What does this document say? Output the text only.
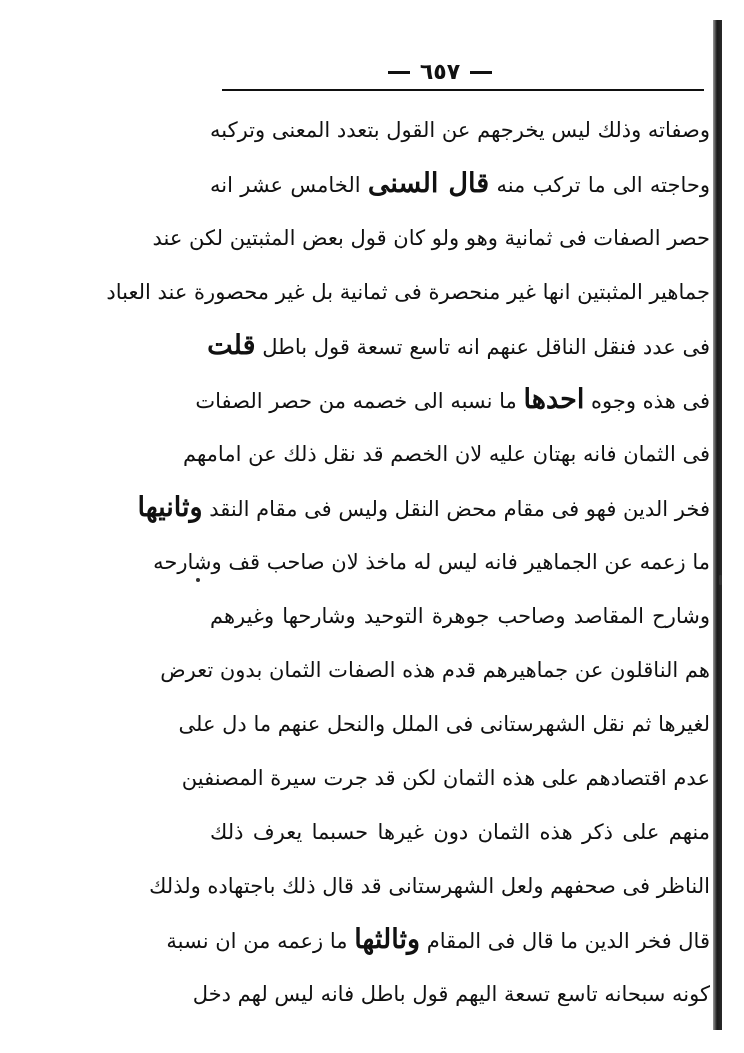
٦٥٧
وصفاته وذلك ليس يخرجهم عن القول بتعدد المعنى وتركبه
وحاجته الى ما تركب منه قال السنى الخامس عشر انه
حصر الصفات فى ثمانية وهو ولو كان قول بعض المثبتين لكن عند
جماهير المثبتين انها غير منحصرة فى ثمانية بل غير محصورة عند العباد
فى عدد فنقل الناقل عنهم انه تاسع تسعة قول باطل قلت
فى هذه وجوه احدها ما نسبه الى خصمه من حصر الصفات
فى الثمان فانه بهتان عليه لان الخصم قد نقل ذلك عن امامهم
فخر الدين فهو فى مقام محض النقل وليس فى مقام النقد وثانيها
ما زعمه عن الجماهير فانه ليس له ماخذ لان صاحب قف وشارحه
وشارح المقاصد وصاحب جوهرة التوحيد وشارحها وغيرهم
هم الناقلون عن جماهيرهم قدم هذه الصفات الثمان بدون تعرض
لغيرها ثم نقل الشهرستانى فى الملل والنحل عنهم ما دل على
عدم اقتصادهم على هذه الثمان لكن قد جرت سيرة المصنفين
منهم على ذكر هذه الثمان دون غيرها حسبما يعرف ذلك
الناظر فى صحفهم ولعل الشهرستانى قد قال ذلك باجتهاده ولذلك
قال فخر الدين ما قال فى المقام وثالثها ما زعمه من ان نسبة
كونه سبحانه تاسع تسعة اليهم قول باطل فانه ليس لهم دخل
